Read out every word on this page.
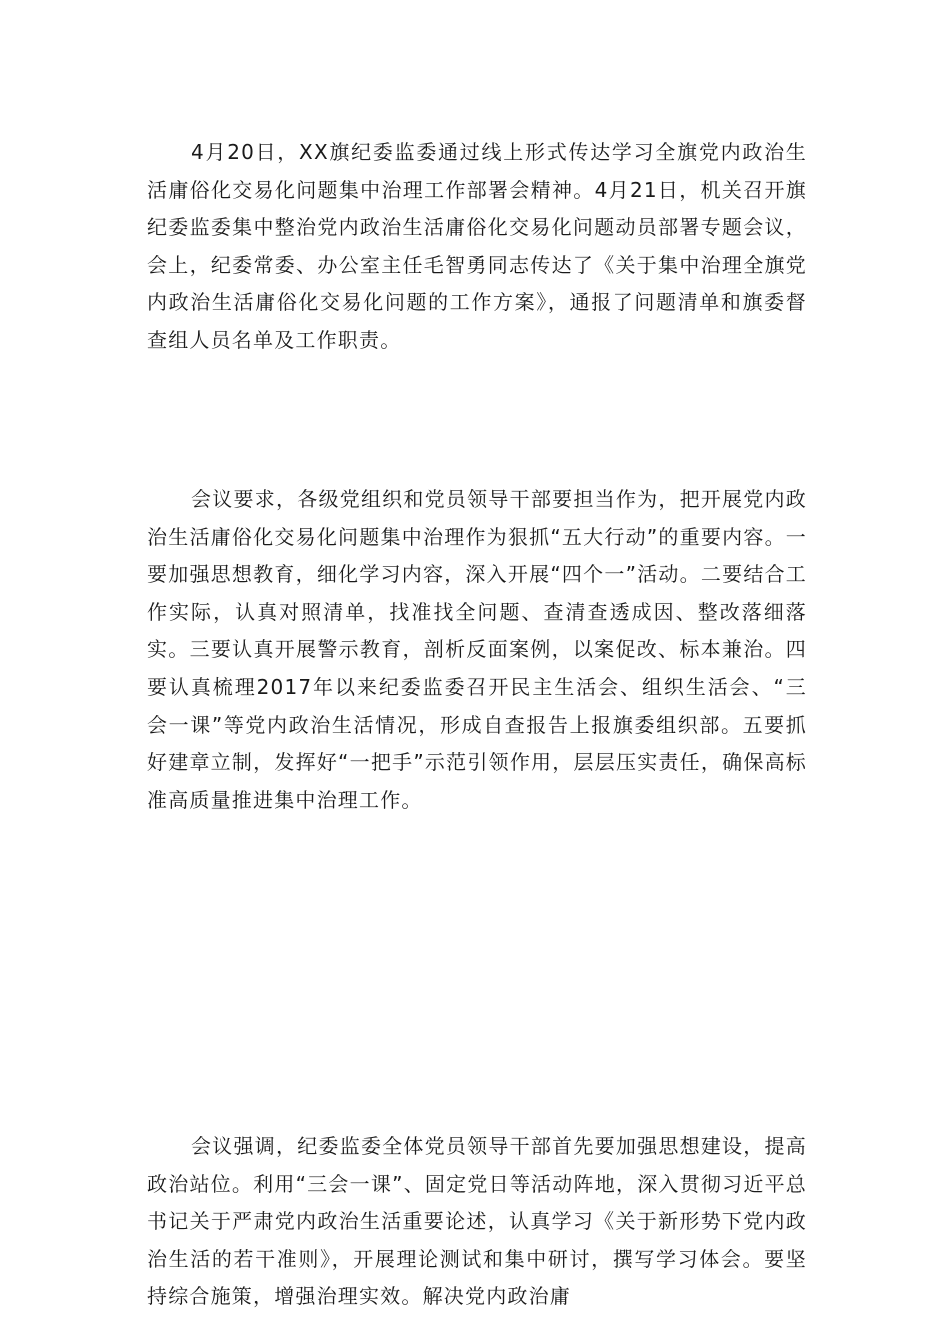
4月20日，XX旗纪委监委通过线上形式传达学习全旗党内政治生活庸俗化交易化问题集中治理工作部署会精神。4月21日，机关召开旗纪委监委集中整治党内政治生活庸俗化交易化问题动员部署专题会议，会上，纪委常委、办公室主任毛智勇同志传达了《关于集中治理全旗党内政治生活庸俗化交易化问题的工作方案》，通报了问题清单和旗委督查组人员名单及工作职责。

会议要求，各级党组织和党员领导干部要担当作为，把开展党内政治生活庸俗化交易化问题集中治理作为狠抓“五大行动”的重要内容。一要加强思想教育，细化学习内容，深入开展“四个一”活动。二要结合工作实际，认真对照清单，找准找全问题、查清查透成因、整改落细落实。三要认真开展警示教育，剖析反面案例，以案促改、标本兼治。四要认真梳理2017年以来纪委监委召开民主生活会、组织生活会、“三会一课”等党内政治生活情况，形成自查报告上报旗委组织部。五要抓好建章立制，发挥好“一把手”示范引领作用，层层压实责任，确保高标准高质量推进集中治理工作。

会议强调，纪委监委全体党员领导干部首先要加强思想建设，提高政治站位。利用“三会一课”、固定党日等活动阵地，深入贯彻习近平总书记关于严肃党内政治生活重要论述，认真学习《关于新形势下党内政治生活的若干准则》，开展理论测试和集中研讨，撰写学习体会。要坚持综合施策，增强治理实效。解决党内政治庸
